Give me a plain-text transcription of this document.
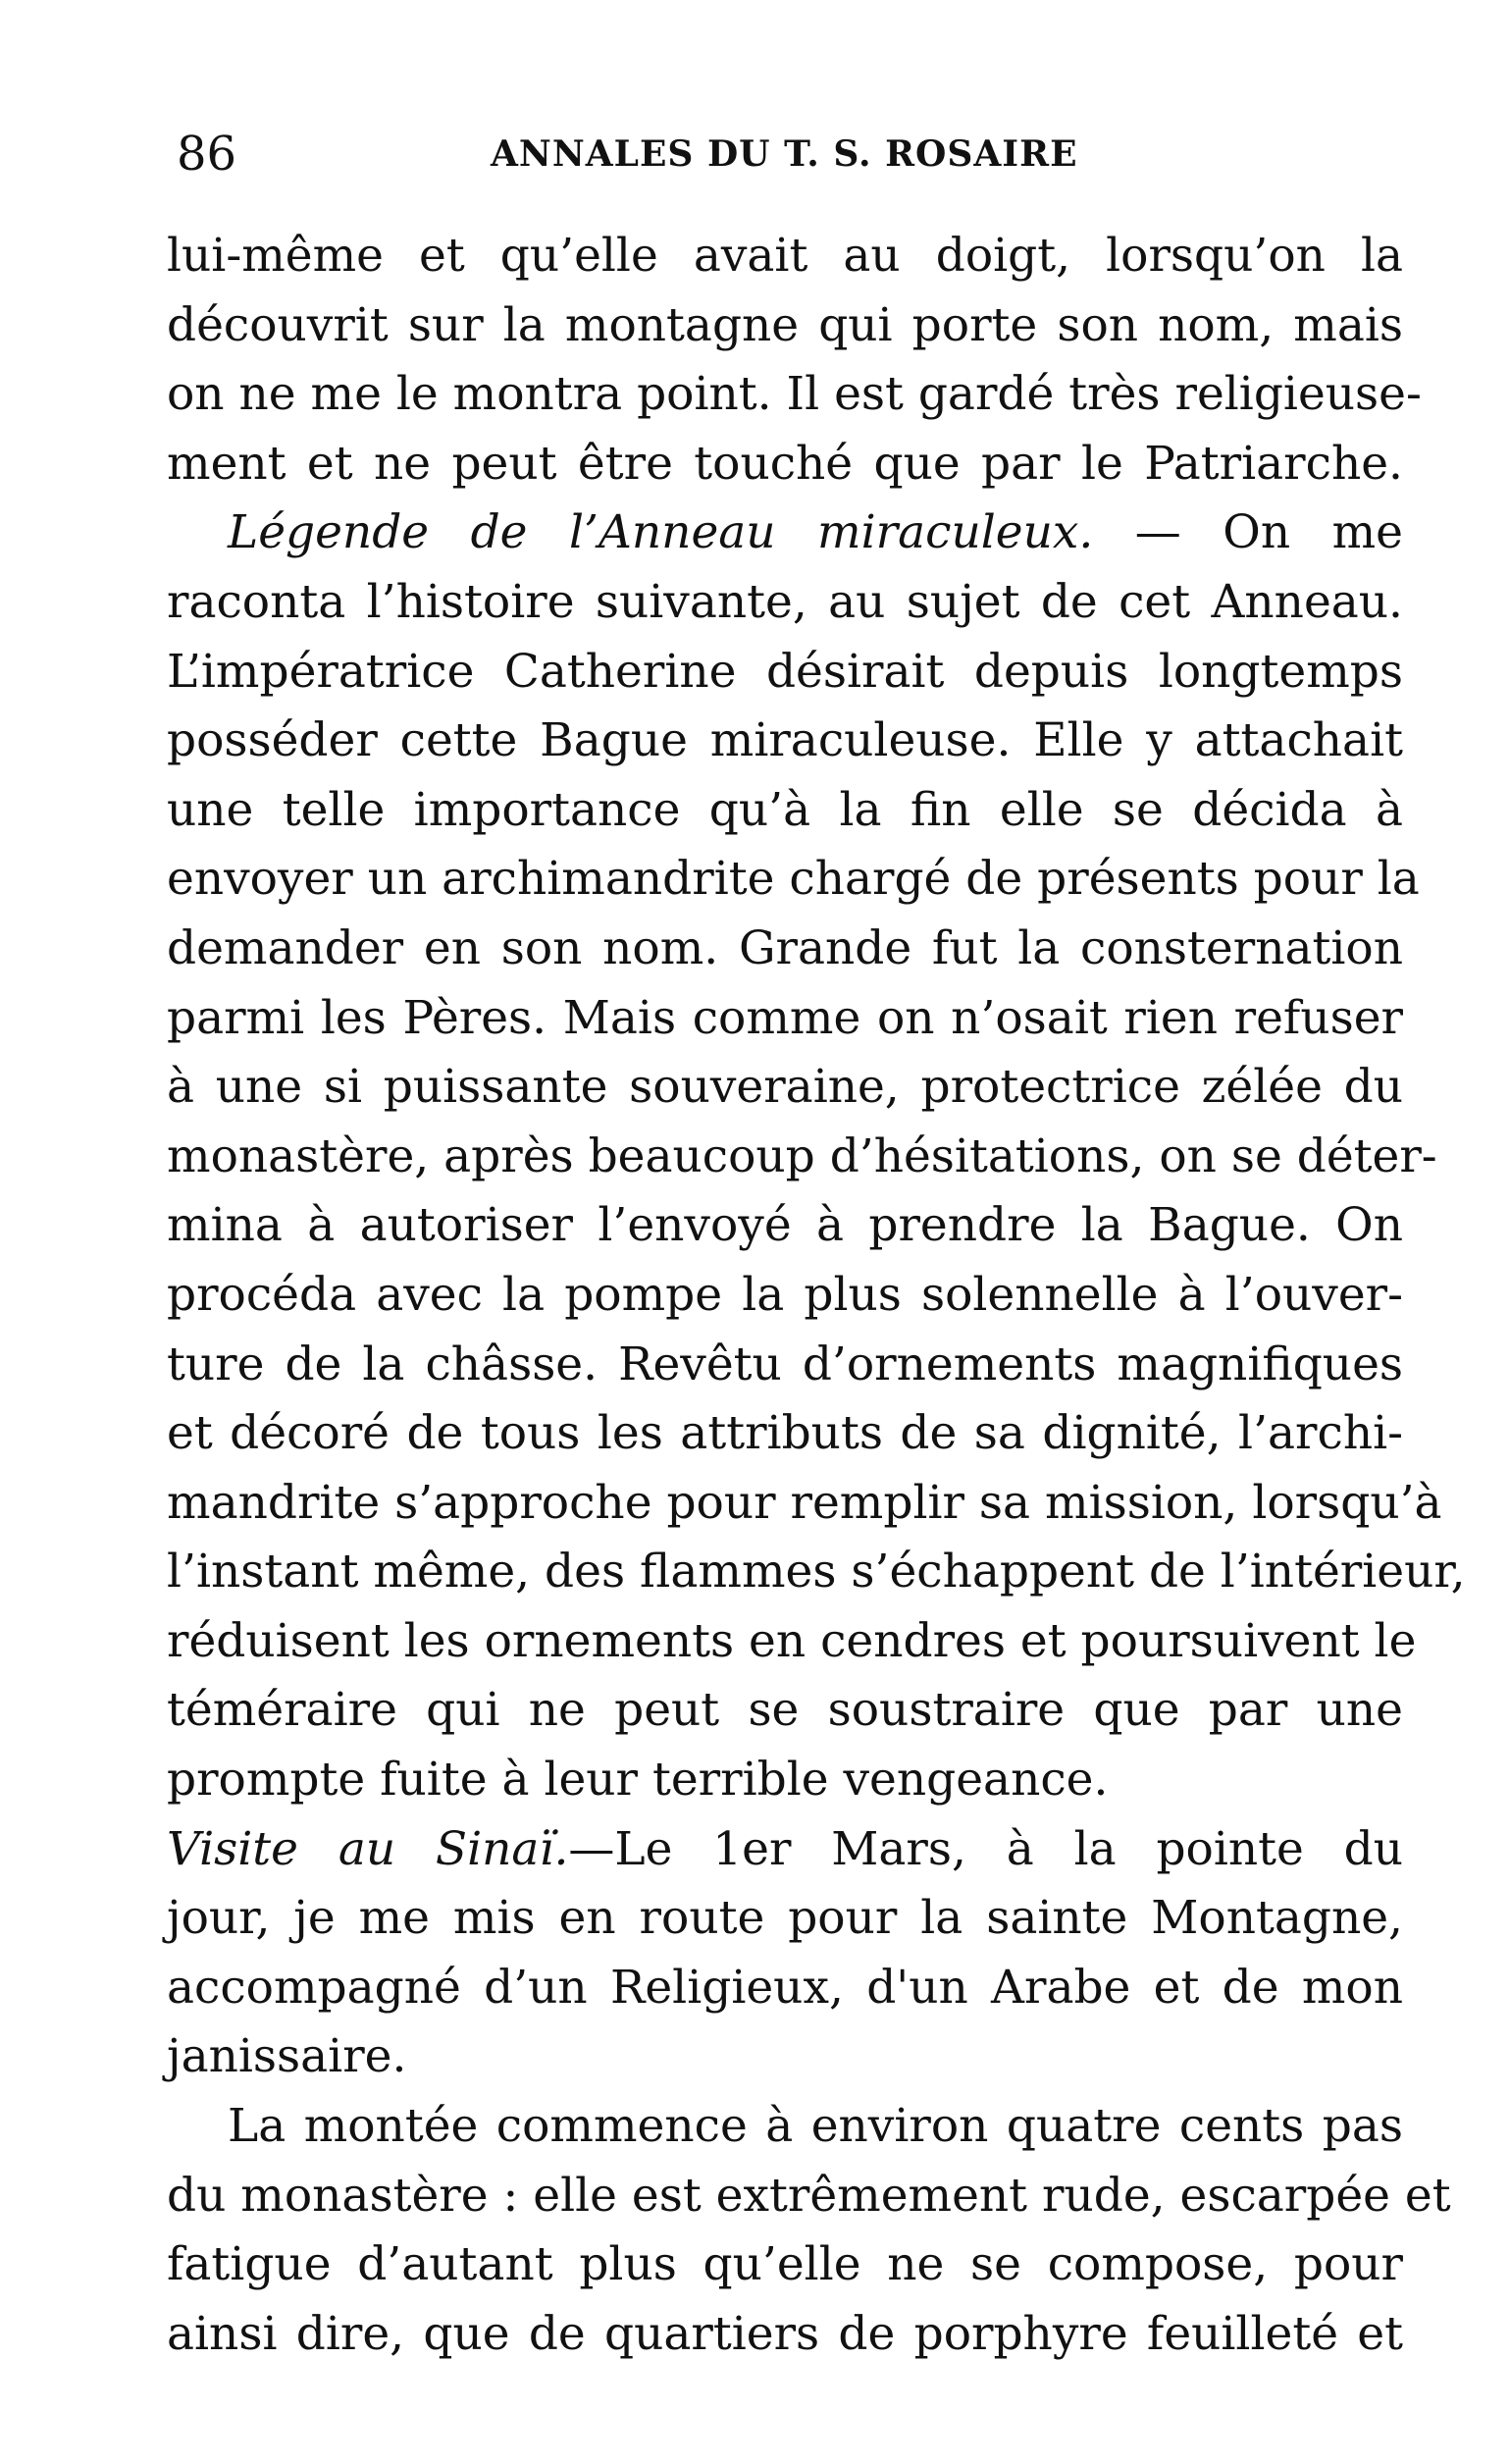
86	ANNALES DU T. S. ROSAIRE
lui-même et qu’elle avait au doigt, lorsqu’on la
découvrit sur la montagne qui porte son nom, mais
on ne me le montra point. Il est gardé très religieuse-
ment et ne peut être touché que par le Patriarche.
Légende de l’Anneau miraculeux. — On me
raconta l’histoire suivante, au sujet de cet Anneau.
L’impératrice Catherine désirait depuis longtemps
posséder cette Bague miraculeuse. Elle y attachait
une telle importance qu’à la fin elle se décida à
envoyer un archimandrite chargé de présents pour la
demander en son nom. Grande fut la consternation
parmi les Pères. Mais comme on n’osait rien refuser
à une si puissante souveraine, protectrice zélée du
monastère, après beaucoup d’hésitations, on se déter-
mina à autoriser l’envoyé à prendre la Bague. On
procéda avec la pompe la plus solennelle à l’ouver-
ture de la châsse. Revêtu d’ornements magnifiques
et décoré de tous les attributs de sa dignité, l’archi-
mandrite s’approche pour remplir sa mission, lorsqu’à
l’instant même, des flammes s’échappent de l’intérieur,
réduisent les ornements en cendres et poursuivent le
téméraire qui ne peut se soustraire que par une
prompte fuite à leur terrible vengeance.
Visite au Sinaï.—Le 1er Mars, à la pointe du
jour, je me mis en route pour la sainte Montagne,
accompagné d’un Religieux, d'un Arabe et de mon
janissaire.
La montée commence à environ quatre cents pas
du monastère : elle est extrêmement rude, escarpée et
fatigue d’autant plus qu’elle ne se compose, pour
ainsi dire, que de quartiers de porphyre feuilleté et
